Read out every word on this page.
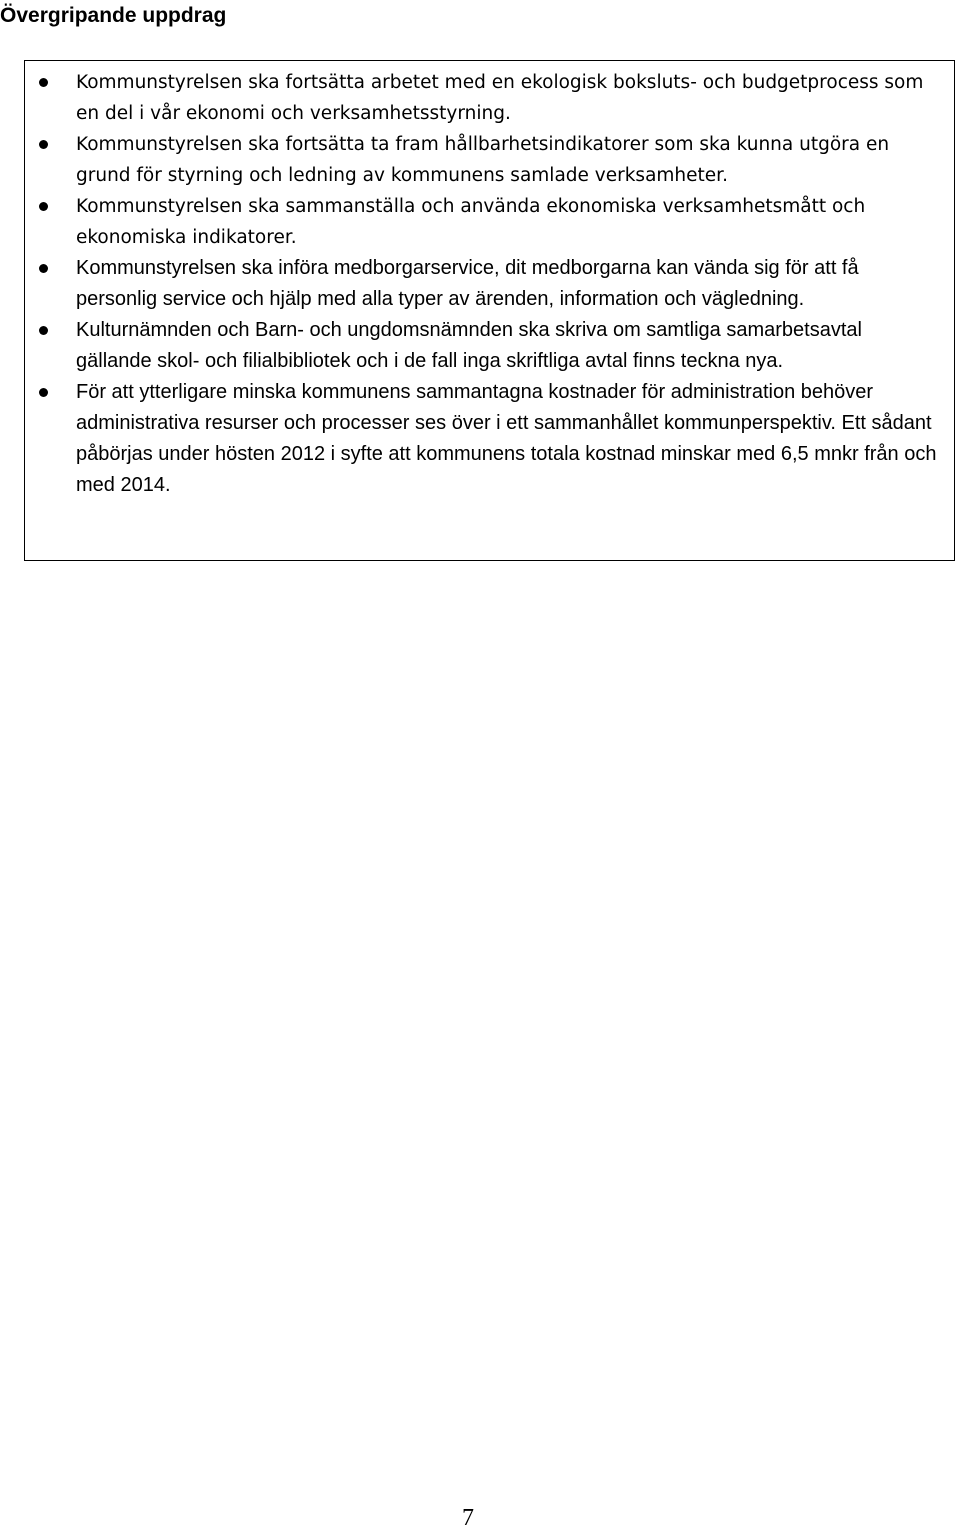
Övergripande uppdrag
Kommunstyrelsen ska fortsätta arbetet med en ekologisk boksluts- och budgetprocess som en del i vår ekonomi och verksamhetsstyrning.
Kommunstyrelsen ska fortsätta ta fram hållbarhetsindikatorer som ska kunna utgöra en grund för styrning och ledning av kommunens samlade verksamheter.
Kommunstyrelsen ska sammanställa och använda ekonomiska verksamhetsmått och ekonomiska indikatorer.
Kommunstyrelsen ska införa medborgarservice, dit medborgarna kan vända sig för att få personlig service och hjälp med alla typer av ärenden, information och vägledning.
Kulturnämnden och Barn- och ungdomsnämnden ska skriva om samtliga samarbetsavtal gällande skol- och filialbibliotek och i de fall inga skriftliga avtal finns teckna nya.
För att ytterligare minska kommunens sammantagna kostnader för administration behöver administrativa resurser och processer ses över i ett sammanhållet kommunperspektiv. Ett sådant påbörjas under hösten 2012 i syfte att kommunens totala kostnad minskar med 6,5 mnkr från och med 2014.

7
